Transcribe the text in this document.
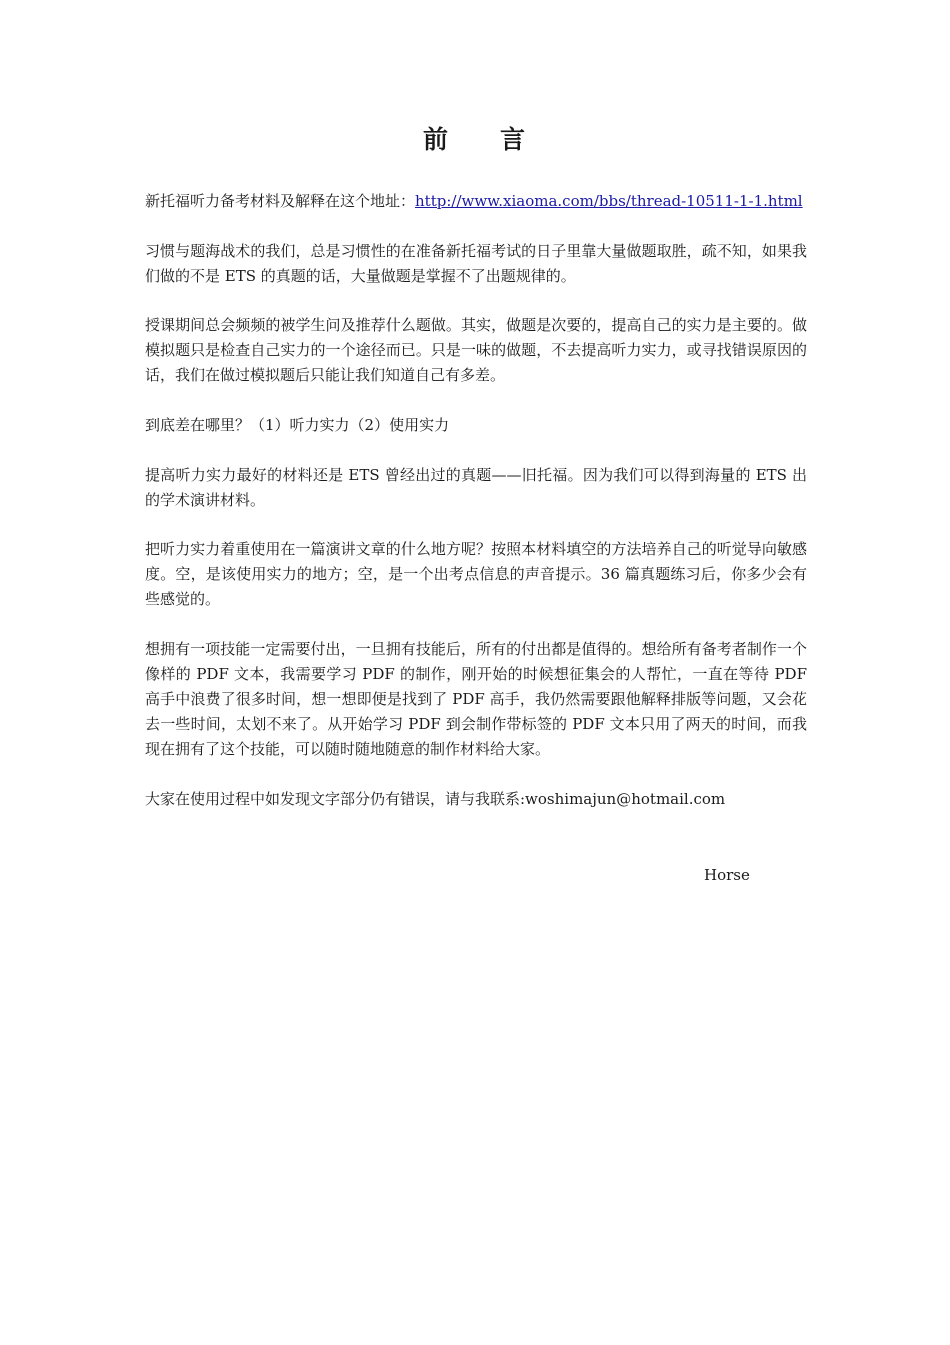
前 言

新托福听力备考材料及解释在这个地址：http://www.xiaoma.com/bbs/thread-10511-1-1.html

习惯与题海战术的我们，总是习惯性的在准备新托福考试的日子里靠大量做题取胜，疏不知，如果我们做的不是 ETS 的真题的话，大量做题是掌握不了出题规律的。

授课期间总会频频的被学生问及推荐什么题做。其实，做题是次要的，提高自己的实力是主要的。做模拟题只是检查自己实力的一个途径而已。只是一味的做题，不去提高听力实力，或寻找错误原因的话，我们在做过模拟题后只能让我们知道自己有多差。

到底差在哪里？（1）听力实力（2）使用实力

提高听力实力最好的材料还是 ETS 曾经出过的真题——旧托福。因为我们可以得到海量的 ETS 出的学术演讲材料。

把听力实力着重使用在一篇演讲文章的什么地方呢？按照本材料填空的方法培养自己的听觉导向敏感度。空，是该使用实力的地方；空，是一个出考点信息的声音提示。36 篇真题练习后，你多少会有些感觉的。

想拥有一项技能一定需要付出，一旦拥有技能后，所有的付出都是值得的。想给所有备考者制作一个像样的 PDF 文本，我需要学习 PDF 的制作，刚开始的时候想征集会的人帮忙，一直在等待 PDF 高手中浪费了很多时间，想一想即便是找到了 PDF 高手，我仍然需要跟他解释排版等问题，又会花去一些时间，太划不来了。从开始学习 PDF 到会制作带标签的 PDF 文本只用了两天的时间，而我现在拥有了这个技能，可以随时随地随意的制作材料给大家。

大家在使用过程中如发现文字部分仍有错误，请与我联系:woshimajun@hotmail.com

Horse
